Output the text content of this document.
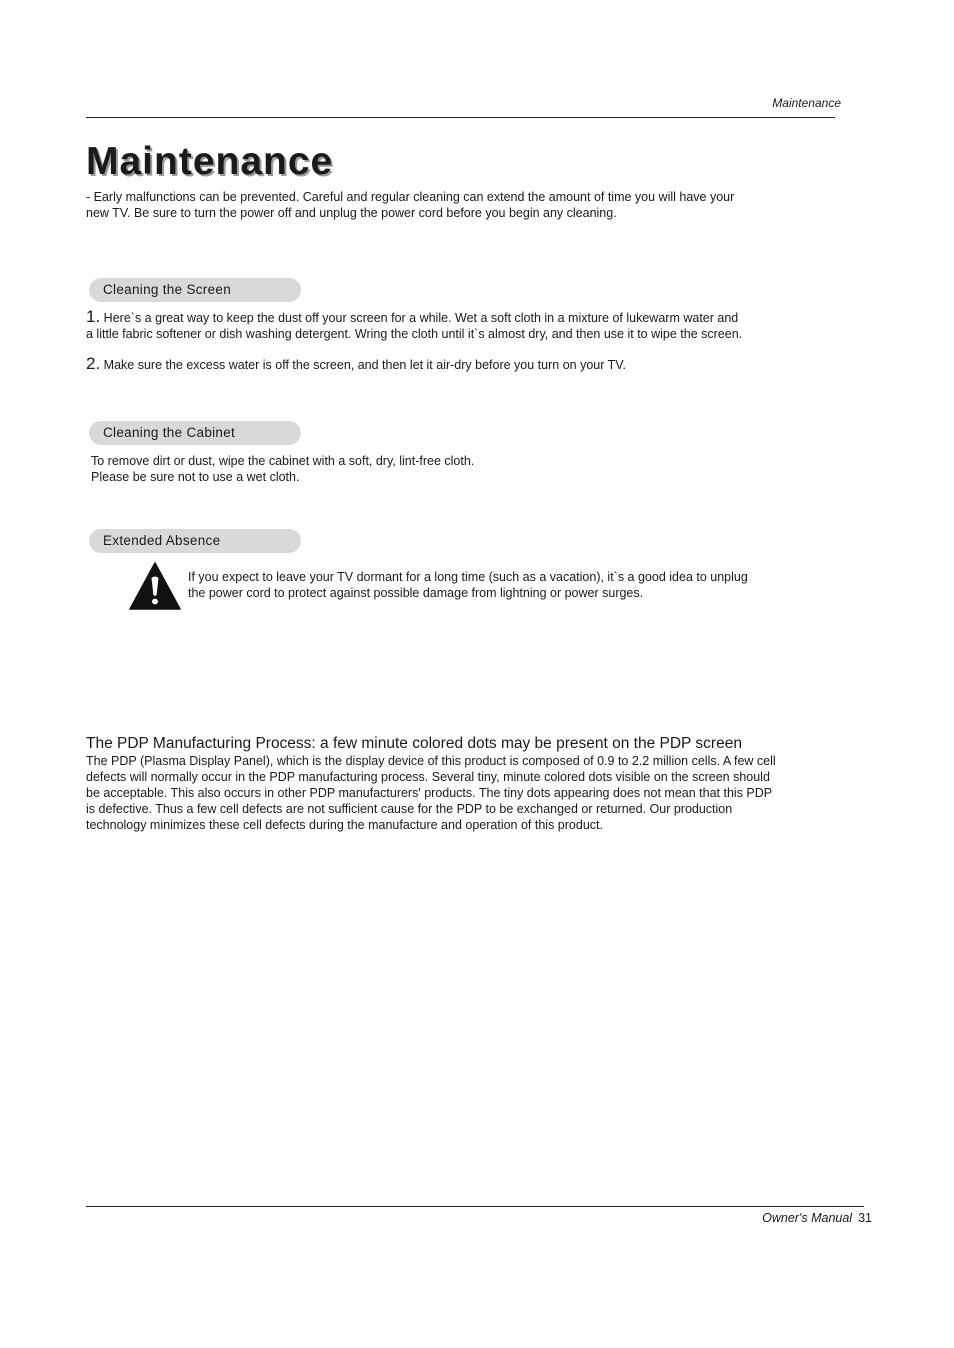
Maintenance
Maintenance
- Early malfunctions can be prevented. Careful and regular cleaning can extend the amount of time you will have your
new TV. Be sure to turn the power off and unplug the power cord before you begin any cleaning.
Cleaning the Screen
1. Here`s a great way to keep the dust off your screen for a while. Wet a soft cloth in a mixture of lukewarm water and
a little fabric softener or dish washing detergent. Wring the cloth until it`s almost dry, and then use it to wipe the screen.
2. Make sure the excess water is off the screen, and then let it air-dry before you turn on your TV.
Cleaning the Cabinet
To remove dirt or dust, wipe the cabinet with a soft, dry, lint-free cloth.
Please be sure not to use a wet cloth.
Extended Absence
If you expect to leave your TV dormant for a long time (such as a vacation), it`s a good idea to unplug
the power cord to protect against possible damage from lightning or power surges.
The PDP Manufacturing Process: a few minute colored dots may be present on the PDP screen
The PDP (Plasma Display Panel), which is the display device of this product is composed of 0.9 to 2.2 million cells. A few cell
defects will normally occur in the PDP manufacturing process. Several tiny, minute colored dots visible on the screen should
be acceptable. This also occurs in other PDP manufacturers' products. The tiny dots appearing does not mean that this PDP
is defective. Thus a few cell defects are not sufficient cause for the PDP to be exchanged or returned. Our production
technology minimizes these cell defects during the manufacture and operation of this product.
Owner's Manual 31
